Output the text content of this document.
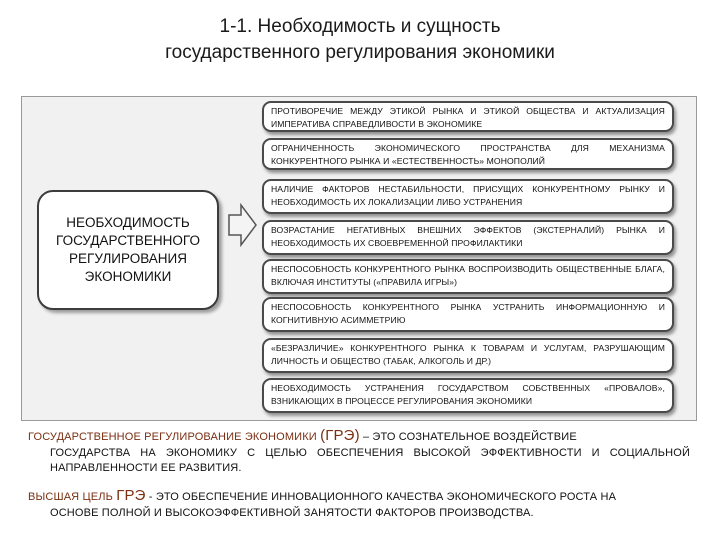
1-1. Необходимость и сущность
государственного регулирования экономики
НЕОБХОДИМОСТЬ
ГОСУДАРСТВЕННОГО
РЕГУЛИРОВАНИЯ
ЭКОНОМИКИ
ПРОТИВОРЕЧИЕ МЕЖДУ ЭТИКОЙ РЫНКА И ЭТИКОЙ ОБЩЕСТВА И АКТУАЛИЗАЦИЯ ИМПЕРАТИВА СПРАВЕДЛИВОСТИ В ЭКОНОМИКЕ
ОГРАНИЧЕННОСТЬ ЭКОНОМИЧЕСКОГО ПРОСТРАНСТВА ДЛЯ МЕХАНИЗМА КОНКУРЕНТНОГО РЫНКА И «ЕСТЕСТВЕННОСТЬ» МОНОПОЛИЙ
НАЛИЧИЕ ФАКТОРОВ НЕСТАБИЛЬНОСТИ, ПРИСУЩИХ КОНКУРЕНТНОМУ РЫНКУ И НЕОБХОДИМОСТЬ ИХ ЛОКАЛИЗАЦИИ ЛИБО УСТРАНЕНИЯ
ВОЗРАСТАНИЕ НЕГАТИВНЫХ ВНЕШНИХ ЭФФЕКТОВ (ЭКСТЕРНАЛИЙ) РЫНКА И НЕОБХОДИМОСТЬ ИХ СВОЕВРЕМЕННОЙ ПРОФИЛАКТИКИ
НЕСПОСОБНОСТЬ КОНКУРЕНТНОГО РЫНКА ВОСПРОИЗВОДИТЬ ОБЩЕСТВЕННЫЕ БЛАГА, ВКЛЮЧАЯ ИНСТИТУТЫ («ПРАВИЛА ИГРЫ»)
НЕСПОСОБНОСТЬ КОНКУРЕНТНОГО РЫНКА УСТРАНИТЬ ИНФОРМАЦИОННУЮ И КОГНИТИВНУЮ АСИММЕТРИЮ
«БЕЗРАЗЛИЧИЕ» КОНКУРЕНТНОГО РЫНКА К ТОВАРАМ И УСЛУГАМ, РАЗРУШАЮЩИМ ЛИЧНОСТЬ И ОБЩЕСТВО (ТАБАК, АЛКОГОЛЬ И ДР.)
НЕОБХОДИМОСТЬ УСТРАНЕНИЯ ГОСУДАРСТВОМ СОБСТВЕННЫХ «ПРОВАЛОВ», ВЗНИКАЮЩИХ В ПРОЦЕССЕ РЕГУЛИРОВАНИЯ ЭКОНОМИКИ
ГОСУДАРСТВЕННОЕ РЕГУЛИРОВАНИЕ ЭКОНОМИКИ (ГРЭ) – ЭТО СОЗНАТЕЛЬНОЕ ВОЗДЕЙСТВИЕ
ГОСУДАРСТВА НА ЭКОНОМИКУ С ЦЕЛЬЮ ОБЕСПЕЧЕНИЯ ВЫСОКОЙ ЭФФЕКТИВНОСТИ И СОЦИАЛЬНОЙ НАПРАВЛЕННОСТИ ЕЕ РАЗВИТИЯ.
ВЫСШАЯ ЦЕЛЬ ГРЭ - ЭТО ОБЕСПЕЧЕНИЕ ИННОВАЦИОННОГО КАЧЕСТВА ЭКОНОМИЧЕСКОГО РОСТА НА
ОСНОВЕ ПОЛНОЙ И ВЫСОКОЭФФЕКТИВНОЙ ЗАНЯТОСТИ ФАКТОРОВ ПРОИЗВОДСТВА.
